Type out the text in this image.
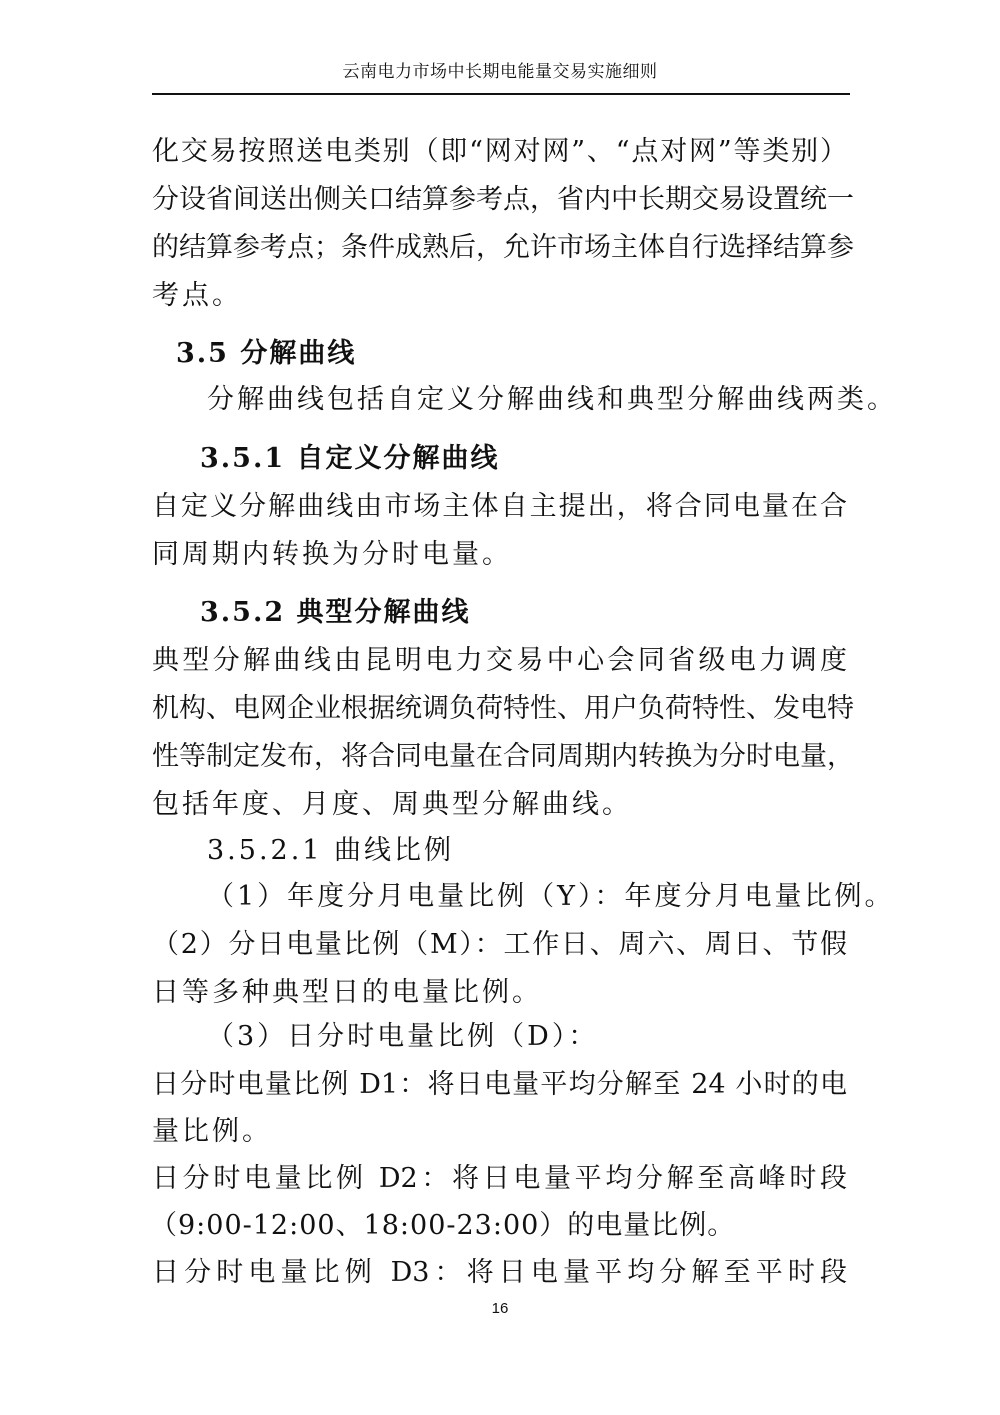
云南电力市场中长期电能量交易实施细则
化交易按照送电类别（即“网对网”、“点对网”等类别）
分设省间送出侧关口结算参考点，省内中长期交易设置统一
的结算参考点；条件成熟后，允许市场主体自行选择结算参
考点。
3.5 分解曲线
分解曲线包括自定义分解曲线和典型分解曲线两类。
3.5.1 自定义分解曲线
自定义分解曲线由市场主体自主提出，将合同电量在合
同周期内转换为分时电量。
3.5.2 典型分解曲线
典型分解曲线由昆明电力交易中心会同省级电力调度
机构、电网企业根据统调负荷特性、用户负荷特性、发电特
性等制定发布，将合同电量在合同周期内转换为分时电量，
包括年度、月度、周典型分解曲线。
3.5.2.1 曲线比例
（1）年度分月电量比例（Y）：年度分月电量比例。
（2）分日电量比例（M）：工作日、周六、周日、节假
日等多种典型日的电量比例。
（3）日分时电量比例（D）：
日分时电量比例 D1：将日电量平均分解至 24 小时的电
量比例。
日分时电量比例 D2：将日电量平均分解至高峰时段
（9:00-12:00、18:00-23:00）的电量比例。
日分时电量比例 D3：将日电量平均分解至平时段
16
